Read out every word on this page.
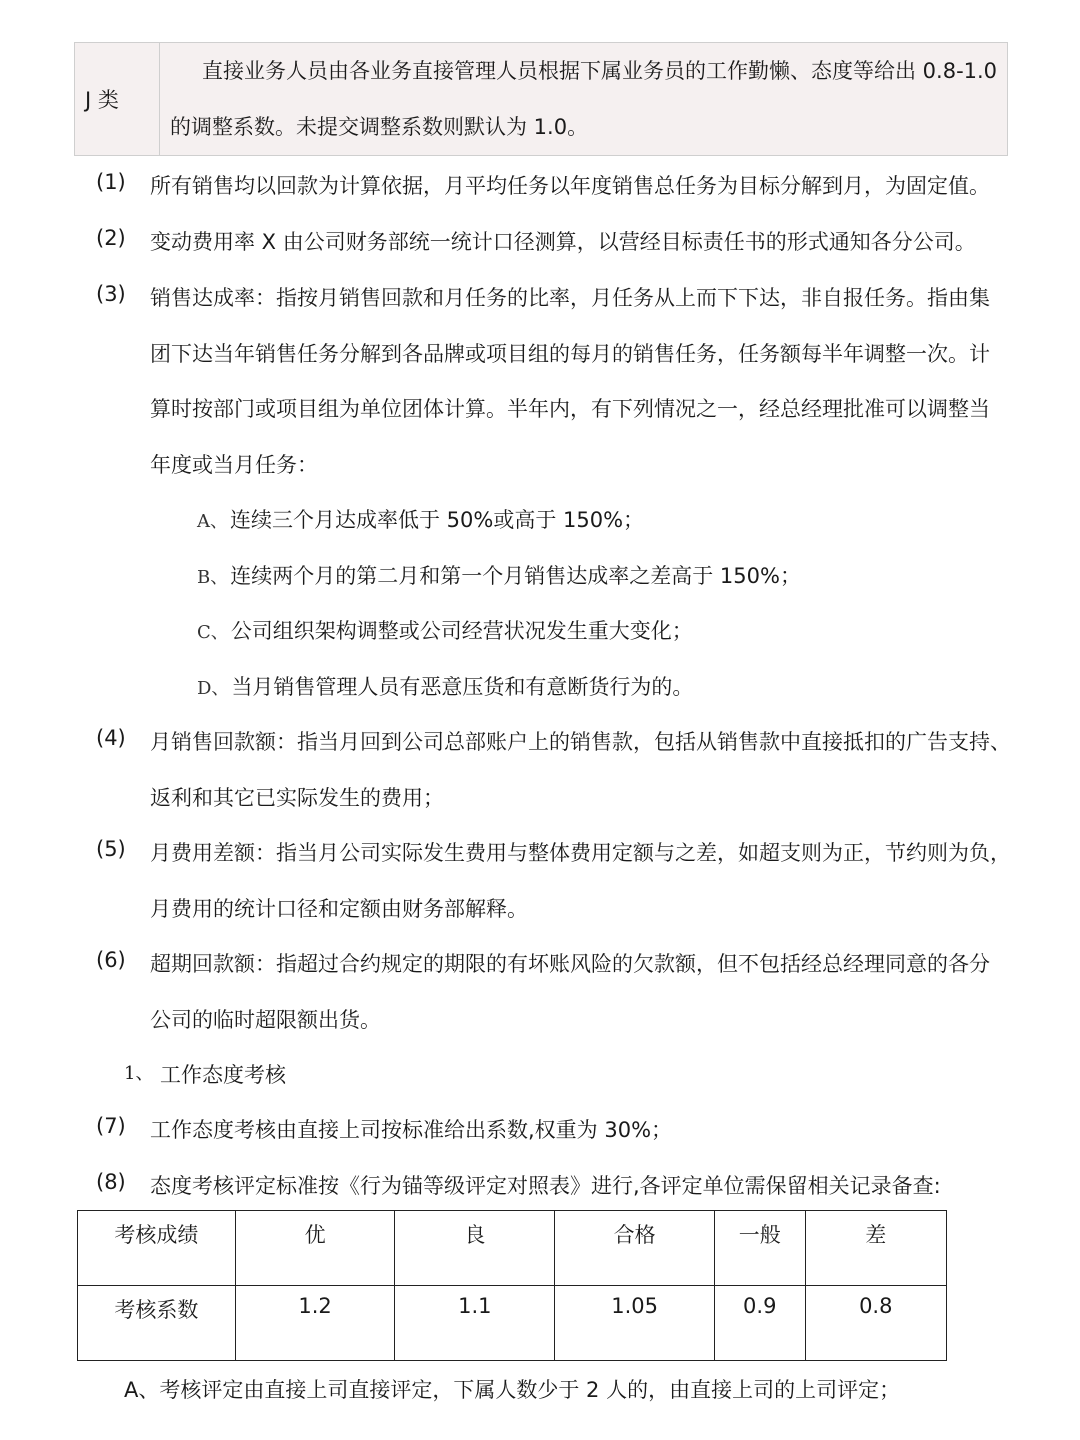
J 类	
直接业务人员由各业务直接管理人员根据下属业务员的工作勤懒、态度等给出 0.8-1.0
的调整系数。未提交调整系数则默认为 1.0。
(1) 所有销售均以回款为计算依据，月平均任务以年度销售总任务为目标分解到月，为固定值。
(2) 变动费用率 X 由公司财务部统一统计口径测算，以营经目标责任书的形式通知各分公司。
(3) 销售达成率：指按月销售回款和月任务的比率，月任务从上而下下达，非自报任务。指由集
团下达当年销售任务分解到各品牌或项目组的每月的销售任务，任务额每半年调整一次。计
算时按部门或项目组为单位团体计算。半年内，有下列情况之一，经总经理批准可以调整当
年度或当月任务：
A、连续三个月达成率低于 50%或高于 150%；
B、连续两个月的第二月和第一个月销售达成率之差高于 150%；
C、公司组织架构调整或公司经营状况发生重大变化；
D、当月销售管理人员有恶意压货和有意断货行为的。
(4) 月销售回款额：指当月回到公司总部账户上的销售款，包括从销售款中直接抵扣的广告支持、
返利和其它已实际发生的费用；
(5) 月费用差额：指当月公司实际发生费用与整体费用定额与之差，如超支则为正，节约则为负，
月费用的统计口径和定额由财务部解释。
(6) 超期回款额：指超过合约规定的期限的有坏账风险的欠款额，但不包括经总经理同意的各分
公司的临时超限额出货。
1、 工作态度考核
(7) 工作态度考核由直接上司按标准给出系数,权重为 30%；
(8) 态度考核评定标准按《行为锚等级评定对照表》进行,各评定单位需保留相关记录备查:
考核成绩	优	良	合格	一般	差
考核系数	1.2	1.1	1.05	0.9	0.8
A、考核评定由直接上司直接评定，下属人数少于 2 人的，由直接上司的上司评定；
